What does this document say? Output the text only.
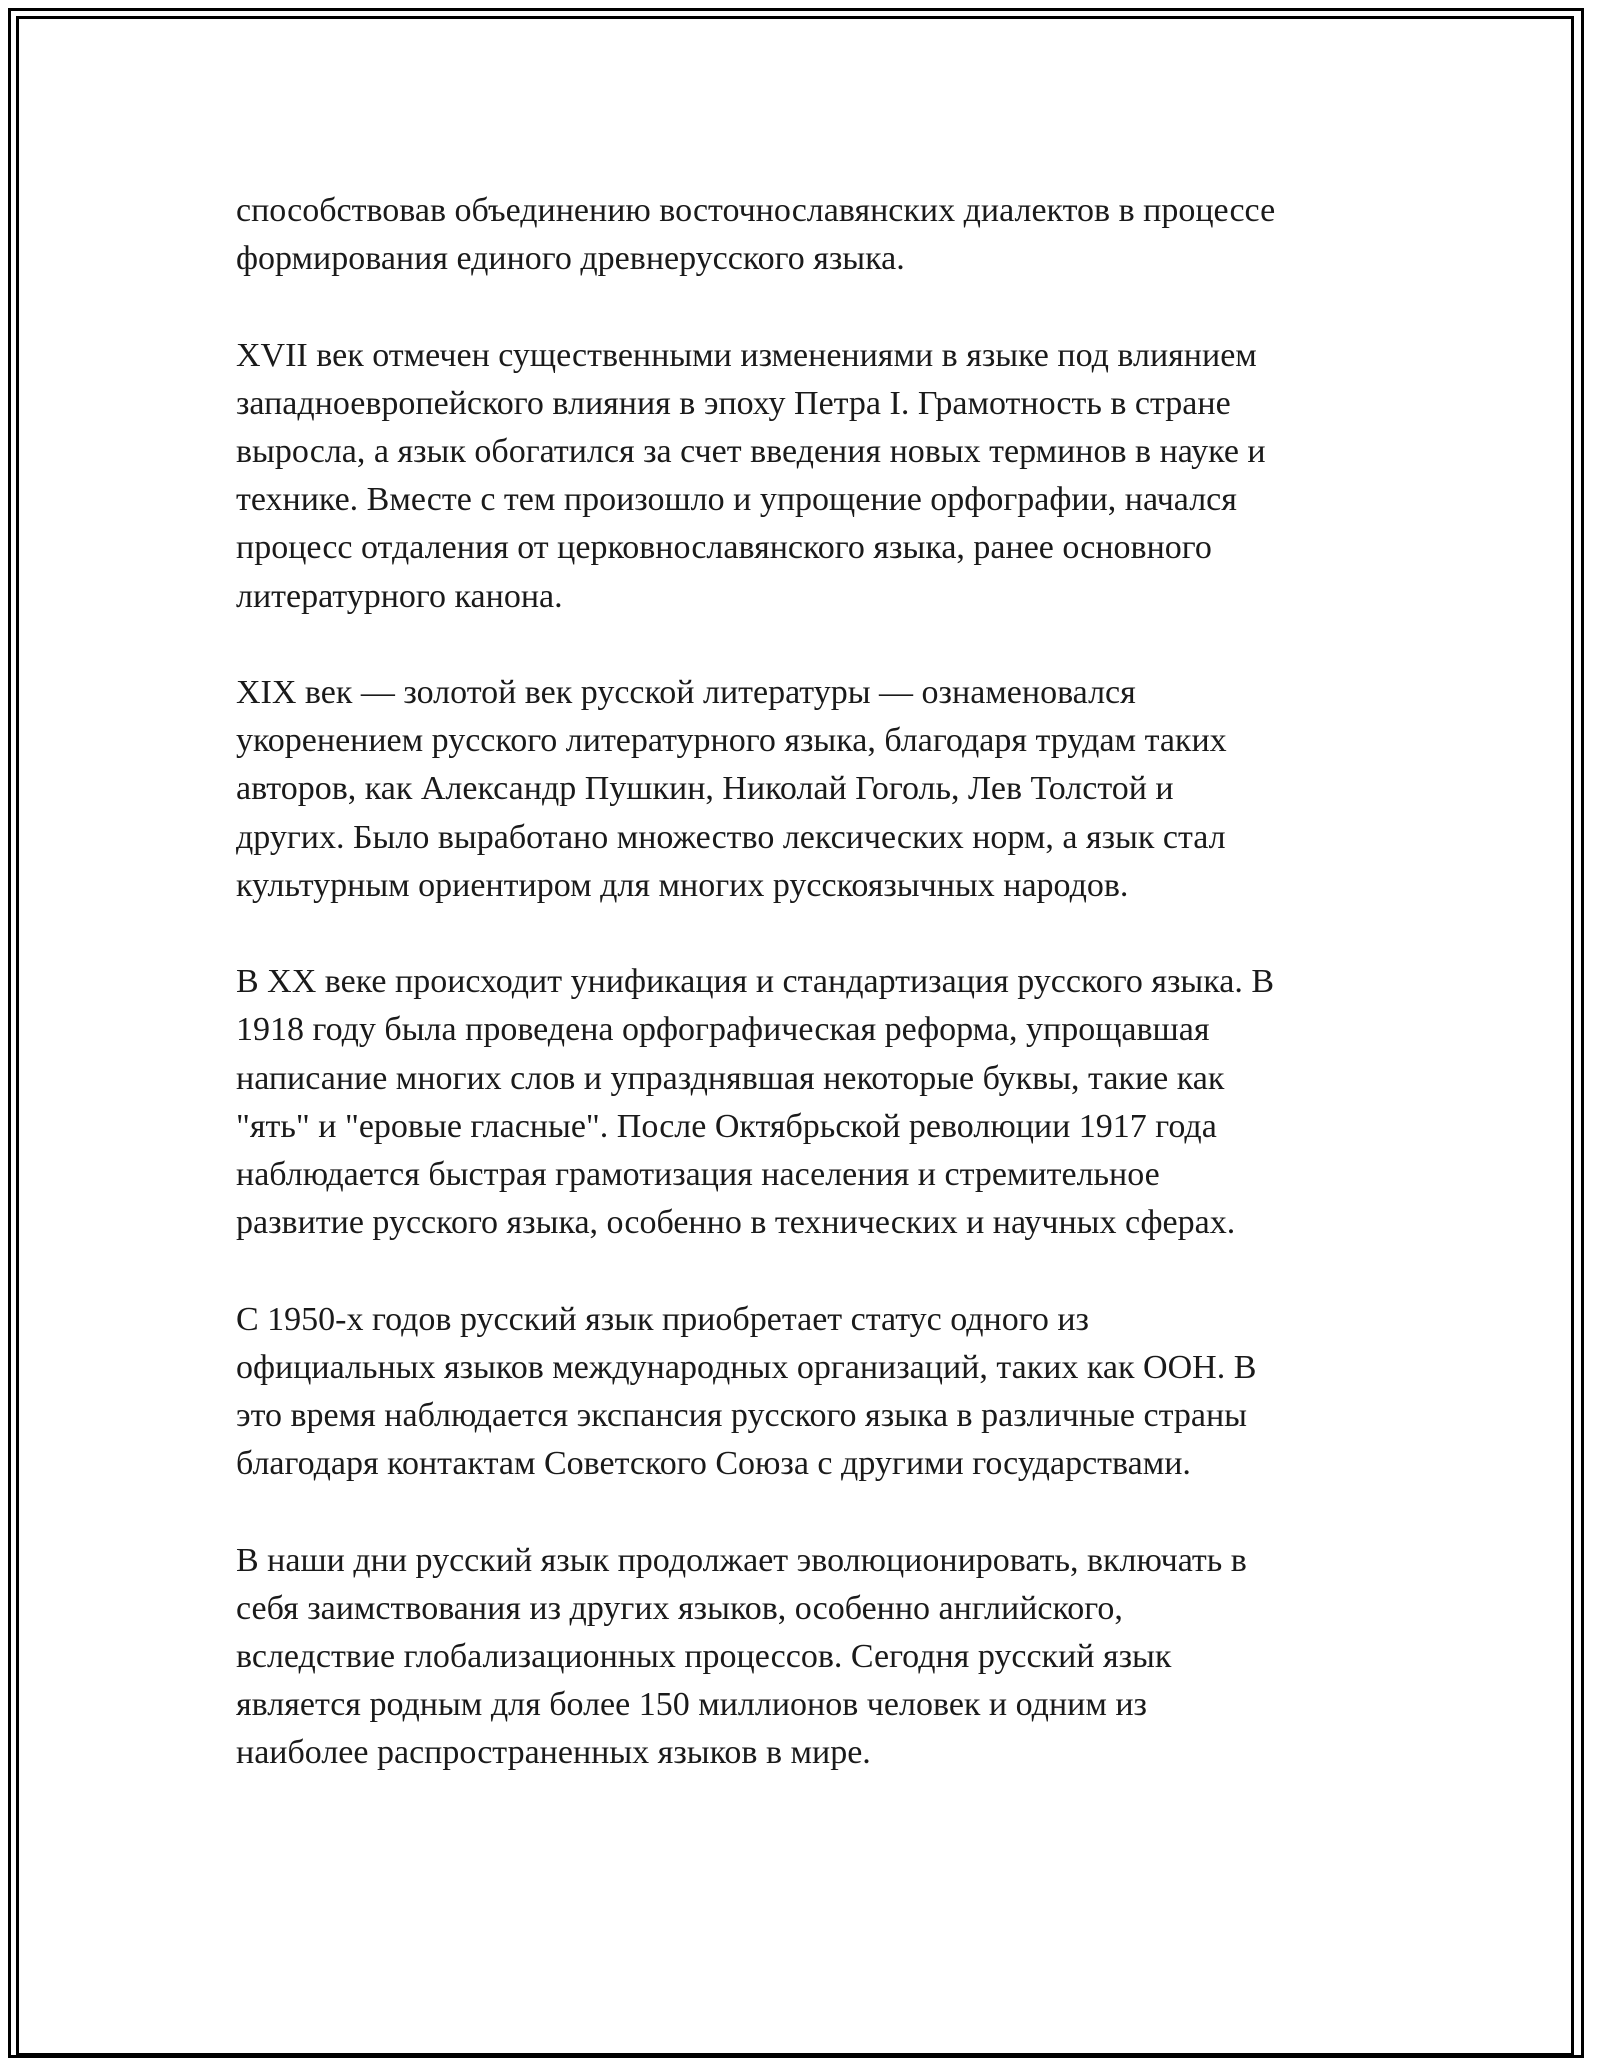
способствовав объединению восточнославянских диалектов в процессе
формирования единого древнерусского языка.

XVII век отмечен существенными изменениями в языке под влиянием
западноевропейского влияния в эпоху Петра I. Грамотность в стране
выросла, а язык обогатился за счет введения новых терминов в науке и
технике. Вместе с тем произошло и упрощение орфографии, начался
процесс отдаления от церковнославянского языка, ранее основного
литературного канона.

XIX век — золотой век русской литературы — ознаменовался
укоренением русского литературного языка, благодаря трудам таких
авторов, как Александр Пушкин, Николай Гоголь, Лев Толстой и
других. Было выработано множество лексических норм, а язык стал
культурным ориентиром для многих русскоязычных народов.

В XX веке происходит унификация и стандартизация русского языка. В
1918 году была проведена орфографическая реформа, упрощавшая
написание многих слов и упразднявшая некоторые буквы, такие как
"ять" и "еровые гласные". После Октябрьской революции 1917 года
наблюдается быстрая грамотизация населения и стремительное
развитие русского языка, особенно в технических и научных сферах.

С 1950-х годов русский язык приобретает статус одного из
официальных языков международных организаций, таких как ООН. В
это время наблюдается экспансия русского языка в различные страны
благодаря контактам Советского Союза с другими государствами.

В наши дни русский язык продолжает эволюционировать, включать в
себя заимствования из других языков, особенно английского,
вследствие глобализационных процессов. Сегодня русский язык
является родным для более 150 миллионов человек и одним из
наиболее распространенных языков в мире.
